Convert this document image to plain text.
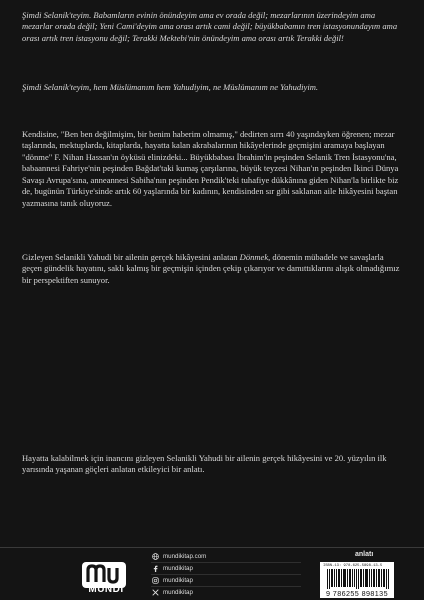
Şimdi Selanik'teyim. Babamların evinin önündeyim ama ev orada değil; mezarlarının üzerindeyim ama mezarlar orada değil; Yeni Cami'deyim ama orası artık cami değil; büyükbabamın tren istasyonundayım ama orası artık tren istasyonu değil; Terakki Mektebi'nin önündeyim ama orası artık Terakki değil!

Şimdi Selanik'teyim, hem Müslümanım hem Yahudiyim, ne Müslümanım ne Yahudiyim.

Kendisine, "Ben ben değilmişim, bir benim haberim olmamış," dedirten sırrı 40 yaşındayken öğrenen; mezar taşlarında, mektuplarda, kitaplarda, hayatta kalan akrabalarının hikâyelerinde geçmişini aramaya başlayan "dönme" F. Nihan Hassan'ın öyküsü elinizdeki... Büyükbabası İbrahim'in peşinden Selanik Tren İstasyonu'na, babaannesi Fahriye'nin peşinden Bağdat'taki kumaş çarşılarına, büyük teyzesi Nihan'ın peşinden İkinci Dünya Savaşı Avrupa'sına, anneannesi Sabiha'nın peşinden Pendik'teki tuhafiye dükkânına giden Nihan'la birlikte biz de, bugünün Türkiye'sinde artık 60 yaşlarında bir kadının, kendisinden sır gibi saklanan aile hikâyesini baştan yazmasına tanık oluyoruz.

Gizleyen Selanikli Yahudi bir ailenin gerçek hikâyesini anlatan Dönmek, dönemin mübadele ve savaşlarla geçen gündelik hayatını, saklı kalmış bir geçmişin içinden çekip çıkarıyor ve damıttıklarını alışık olmadığımız bir perspektiften sunuyor.

Hayatta kalabilmek için inancını gizleyen Selanikli Yahudi bir ailenin gerçek hikâyesini ve 20. yüzyılın ilk yarısında yaşanan göçleri anlatan etkileyici bir anlatı.

MUNDİ
mundikitap.com
mundikitap
mundikitap
mundikitap
anlatı
ISBN-13: 978-625-5898-13-5
9 786255 898135
